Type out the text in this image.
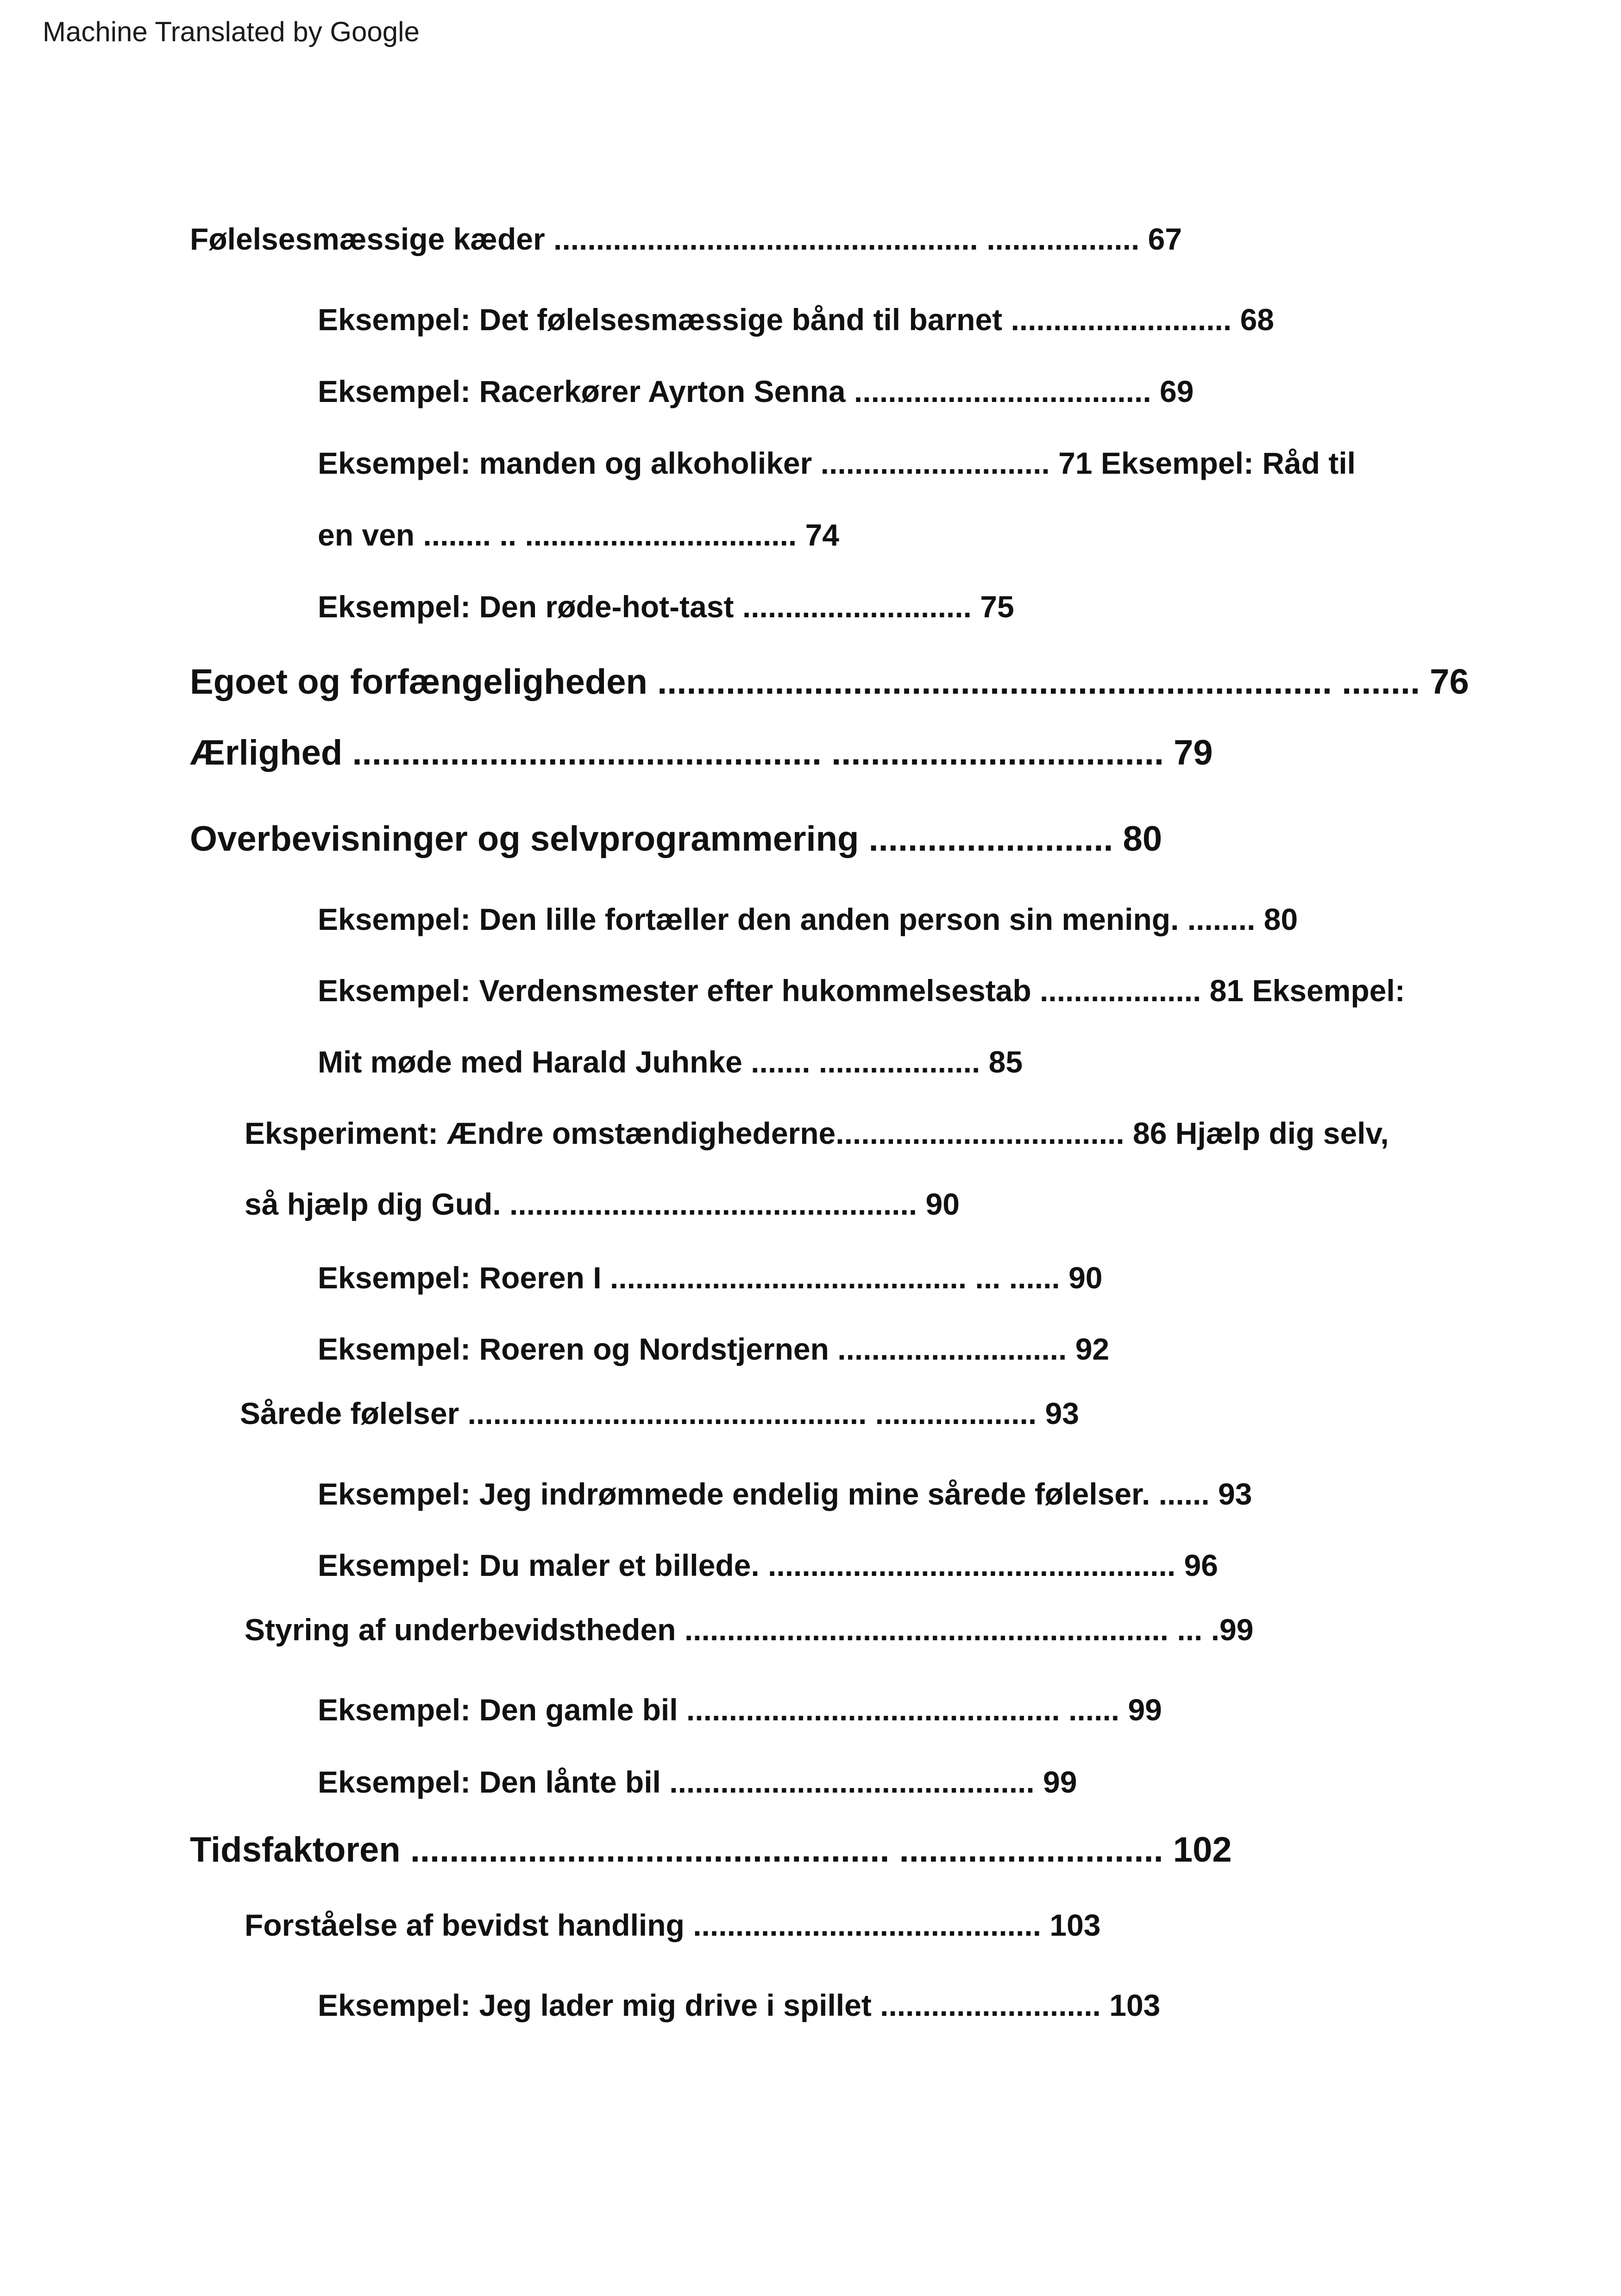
Machine Translated by Google
Følelsesmæssige kæder .................................................. .................. 67
Eksempel: Det følelsesmæssige bånd til barnet .......................... 68
Eksempel: Racerkører Ayrton Senna ................................... 69
Eksempel: manden og alkoholiker ........................... 71 Eksempel: Råd til
en ven ........ .. ................................ 74
Eksempel: Den røde-hot-tast ........................... 75
Egoet og forfængeligheden ..................................................................... ........ 76
Ærlighed ................................................ .................................. 79
Overbevisninger og selvprogrammering ......................... 80
Eksempel: Den lille fortæller den anden person sin mening. ........ 80
Eksempel: Verdensmester efter hukommelsestab ................... 81 Eksempel:
Mit møde med Harald Juhnke ....... ................... 85
Eksperiment: Ændre omstændighederne.................................. 86 Hjælp dig selv,
så hjælp dig Gud. ................................................ 90
Eksempel: Roeren I .......................................... ... ...... 90
Eksempel: Roeren og Nordstjernen ........................... 92
Sårede følelser ............................................... ................... 93
Eksempel: Jeg indrømmede endelig mine sårede følelser. ...... 93
Eksempel: Du maler et billede. ................................................ 96
Styring af underbevidstheden ......................................................... ... .99
Eksempel: Den gamle bil ............................................ ...... 99
Eksempel: Den lånte bil ........................................... 99
Tidsfaktoren ................................................. ........................... 102
Forståelse af bevidst handling ......................................... 103
Eksempel: Jeg lader mig drive i spillet .......................... 103
